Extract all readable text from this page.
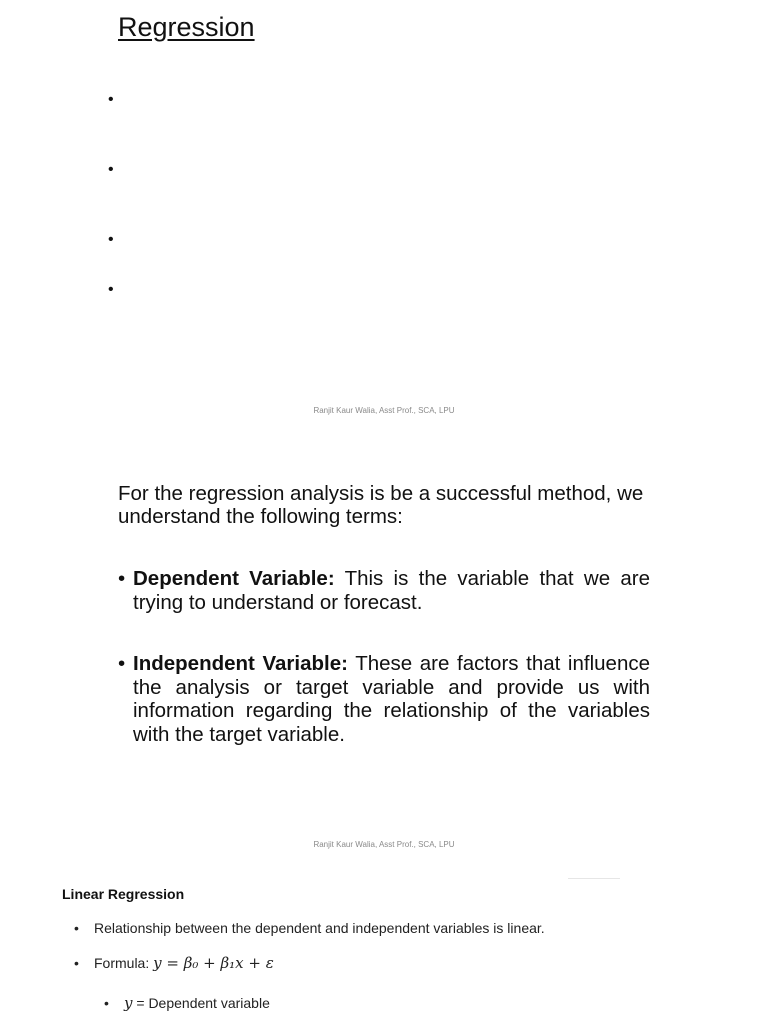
Regression
•
•
•
•
Ranjit Kaur Walia, Asst Prof., SCA, LPU
For the regression analysis is be a successful method, we understand the following terms:
• Dependent Variable: This is the variable that we are trying to understand or forecast.
• Independent Variable: These are factors that influence the analysis or target variable and provide us with information regarding the relationship of the variables with the target variable.
Ranjit Kaur Walia, Asst Prof., SCA, LPU
Linear Regression
• Relationship between the dependent and independent variables is linear.
• Formula: y = β₀ + β₁x + ε
• y = Dependent variable
